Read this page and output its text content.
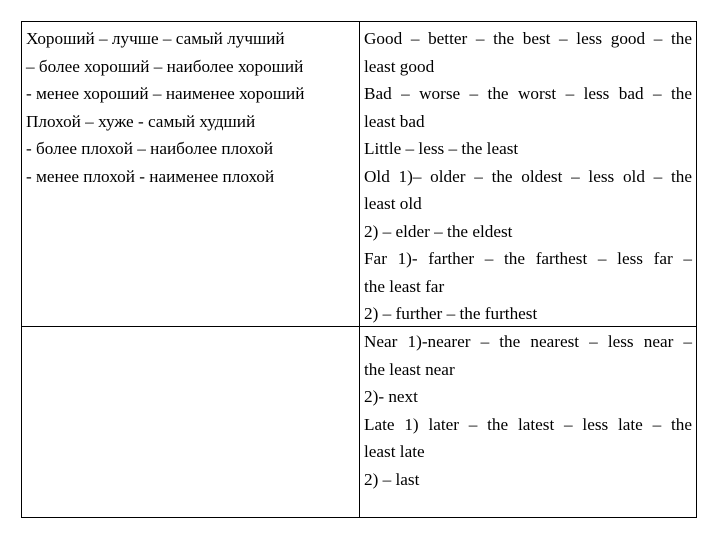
Хороший – лучше – самый лучший
– более хороший – наиболее хороший
- менее хороший – наименее хороший
Плохой – хуже - самый худший
- более плохой – наиболее плохой
- менее плохой - наименее плохой
Good – better – the best – less good – the
least good
Bad – worse – the worst – less bad – the
least bad
Little – less – the least
Old 1)– older – the oldest – less old – the
least old
2) – elder – the eldest
Far 1)- farther – the farthest – less far –
the least far
2) – further – the furthest
Near 1)-nearer – the nearest – less near –
the least near
2)- next
Late 1) later – the latest – less late – the
least late
2) – last
